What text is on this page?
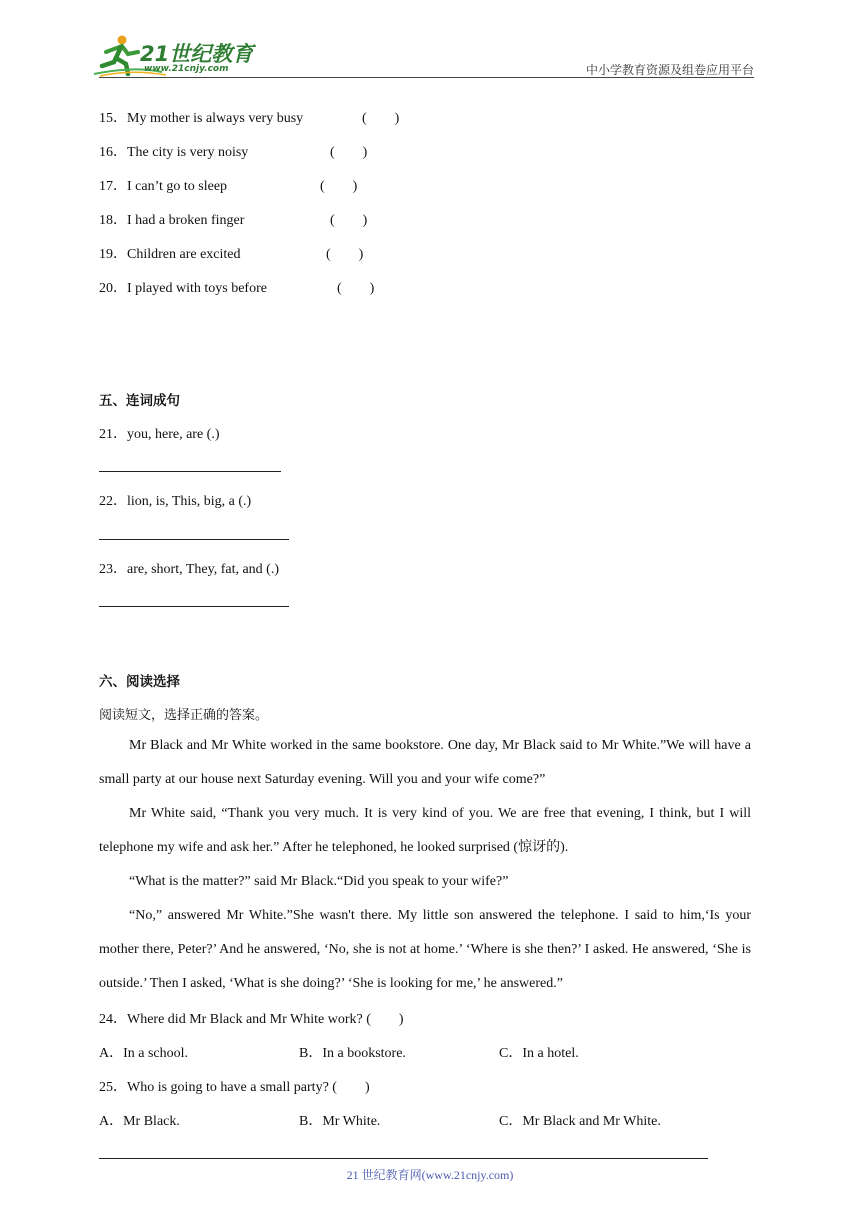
21世纪教育
www.21cnjy.com	中小学教育资源及组卷应用平台
15．My mother is always very busy	(　　)
16．The city is very noisy	(　　)
17．I can’t go to sleep	(　　)
18．I had a broken finger	(　　)
19．Children are excited	(　　)
20．I played with toys before	(　　)
五、连词成句
21．you, here, are (.)
22．lion, is, This, big, a (.)
23．are, short, They, fat, and (.)
六、阅读选择
阅读短文，选择正确的答案。
Mr Black and Mr White worked in the same bookstore. One day, Mr Black said to Mr White.”We will have a small party at our house next Saturday evening. Will you and your wife come?”
Mr White said, “Thank you very much. It is very kind of you. We are free that evening, I think, but I will telephone my wife and ask her.” After he telephoned, he looked surprised (惊讶的).
“What is the matter?” said Mr Black.“Did you speak to your wife?”
“No,” answered Mr White.”She wasn't there. My little son answered the telephone. I said to him,‘Is your mother there, Peter?’ And he answered, ‘No, she is not at home.’ ‘Where is she then?’ I asked. He answered, ‘She is outside.’ Then I asked, ‘What is she doing?’ ‘She is looking for me,’ he answered.”
24．Where did Mr Black and Mr White work? (　　)
A．In a school.	B．In a bookstore.	C．In a hotel.
25．Who is going to have a small party? (　　)
A．Mr Black.	B．Mr White.	C．Mr Black and Mr White.
21 世纪教育网(www.21cnjy.com)
